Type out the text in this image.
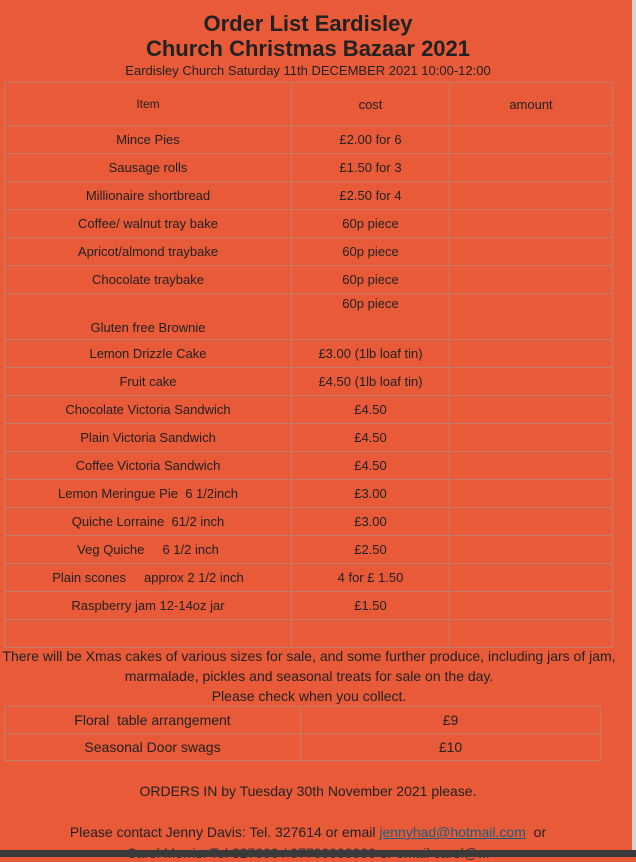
Order List Eardisley
Church Christmas Bazaar 2021
Eardisley Church Saturday 11th DECEMBER 2021 10:00-12:00
Item	cost	amount
Mince Pies	£2.00 for 6	
Sausage rolls	£1.50 for 3	
Millionaire shortbread	£2.50 for 4	
Coffee/ walnut tray bake	60p piece	
Apricot/almond traybake	60p piece	
Chocolate traybake	60p piece	
Gluten free Brownie	60p piece	
Lemon Drizzle Cake	£3.00 (1lb loaf tin)	
Fruit cake	£4.50 (1lb loaf tin)	
Chocolate Victoria Sandwich	£4.50	
Plain Victoria Sandwich	£4.50	
Coffee Victoria Sandwich	£4.50	
Lemon Meringue Pie  6 1/2inch	£3.00	
Quiche Lorraine  61/2 inch	£3.00	
Veg Quiche     6 1/2 inch	£2.50	
Plain scones     approx 2 1/2 inch	4 for £ 1.50	
Raspberry jam 12-14oz jar	£1.50	

There will be Xmas cakes of various sizes for sale, and some further produce, including jars of jam,
marmalade, pickles and seasonal treats for sale on the day.
Please check when you collect.
Floral  table arrangement	£9
Seasonal Door swags	£10
ORDERS IN by Tuesday 30th November 2021 please.
Please contact Jenny Davis: Tel. 327614 or email jennyhad@hotmail.com  or
